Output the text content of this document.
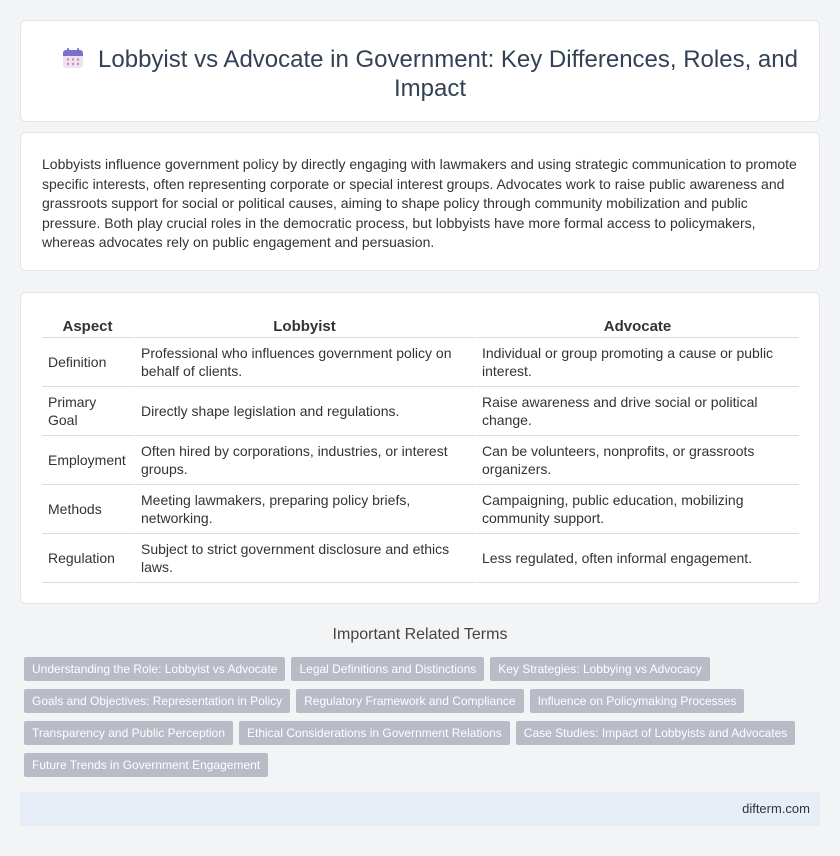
Lobbyist vs Advocate in Government: Key Differences, Roles, and Impact

Lobbyists influence government policy by directly engaging with lawmakers and using strategic communication to promote specific interests, often representing corporate or special interest groups. Advocates work to raise public awareness and grassroots support for social or political causes, aiming to shape policy through community mobilization and public pressure. Both play crucial roles in the democratic process, but lobbyists have more formal access to policymakers, whereas advocates rely on public engagement and persuasion.

Aspect	Lobbyist	Advocate
Definition	Professional who influences government policy on behalf of clients.	Individual or group promoting a cause or public interest.
Primary Goal	Directly shape legislation and regulations.	Raise awareness and drive social or political change.
Employment	Often hired by corporations, industries, or interest groups.	Can be volunteers, nonprofits, or grassroots organizers.
Methods	Meeting lawmakers, preparing policy briefs, networking.	Campaigning, public education, mobilizing community support.
Regulation	Subject to strict government disclosure and ethics laws.	Less regulated, often informal engagement.
Important Related Terms
Understanding the Role: Lobbyist vs Advocate	Legal Definitions and Distinctions	Key Strategies: Lobbying vs Advocacy
Goals and Objectives: Representation in Policy	Regulatory Framework and Compliance	Influence on Policymaking Processes
Transparency and Public Perception	Ethical Considerations in Government Relations	Case Studies: Impact of Lobbyists and Advocates
Future Trends in Government Engagement
difterm.com
